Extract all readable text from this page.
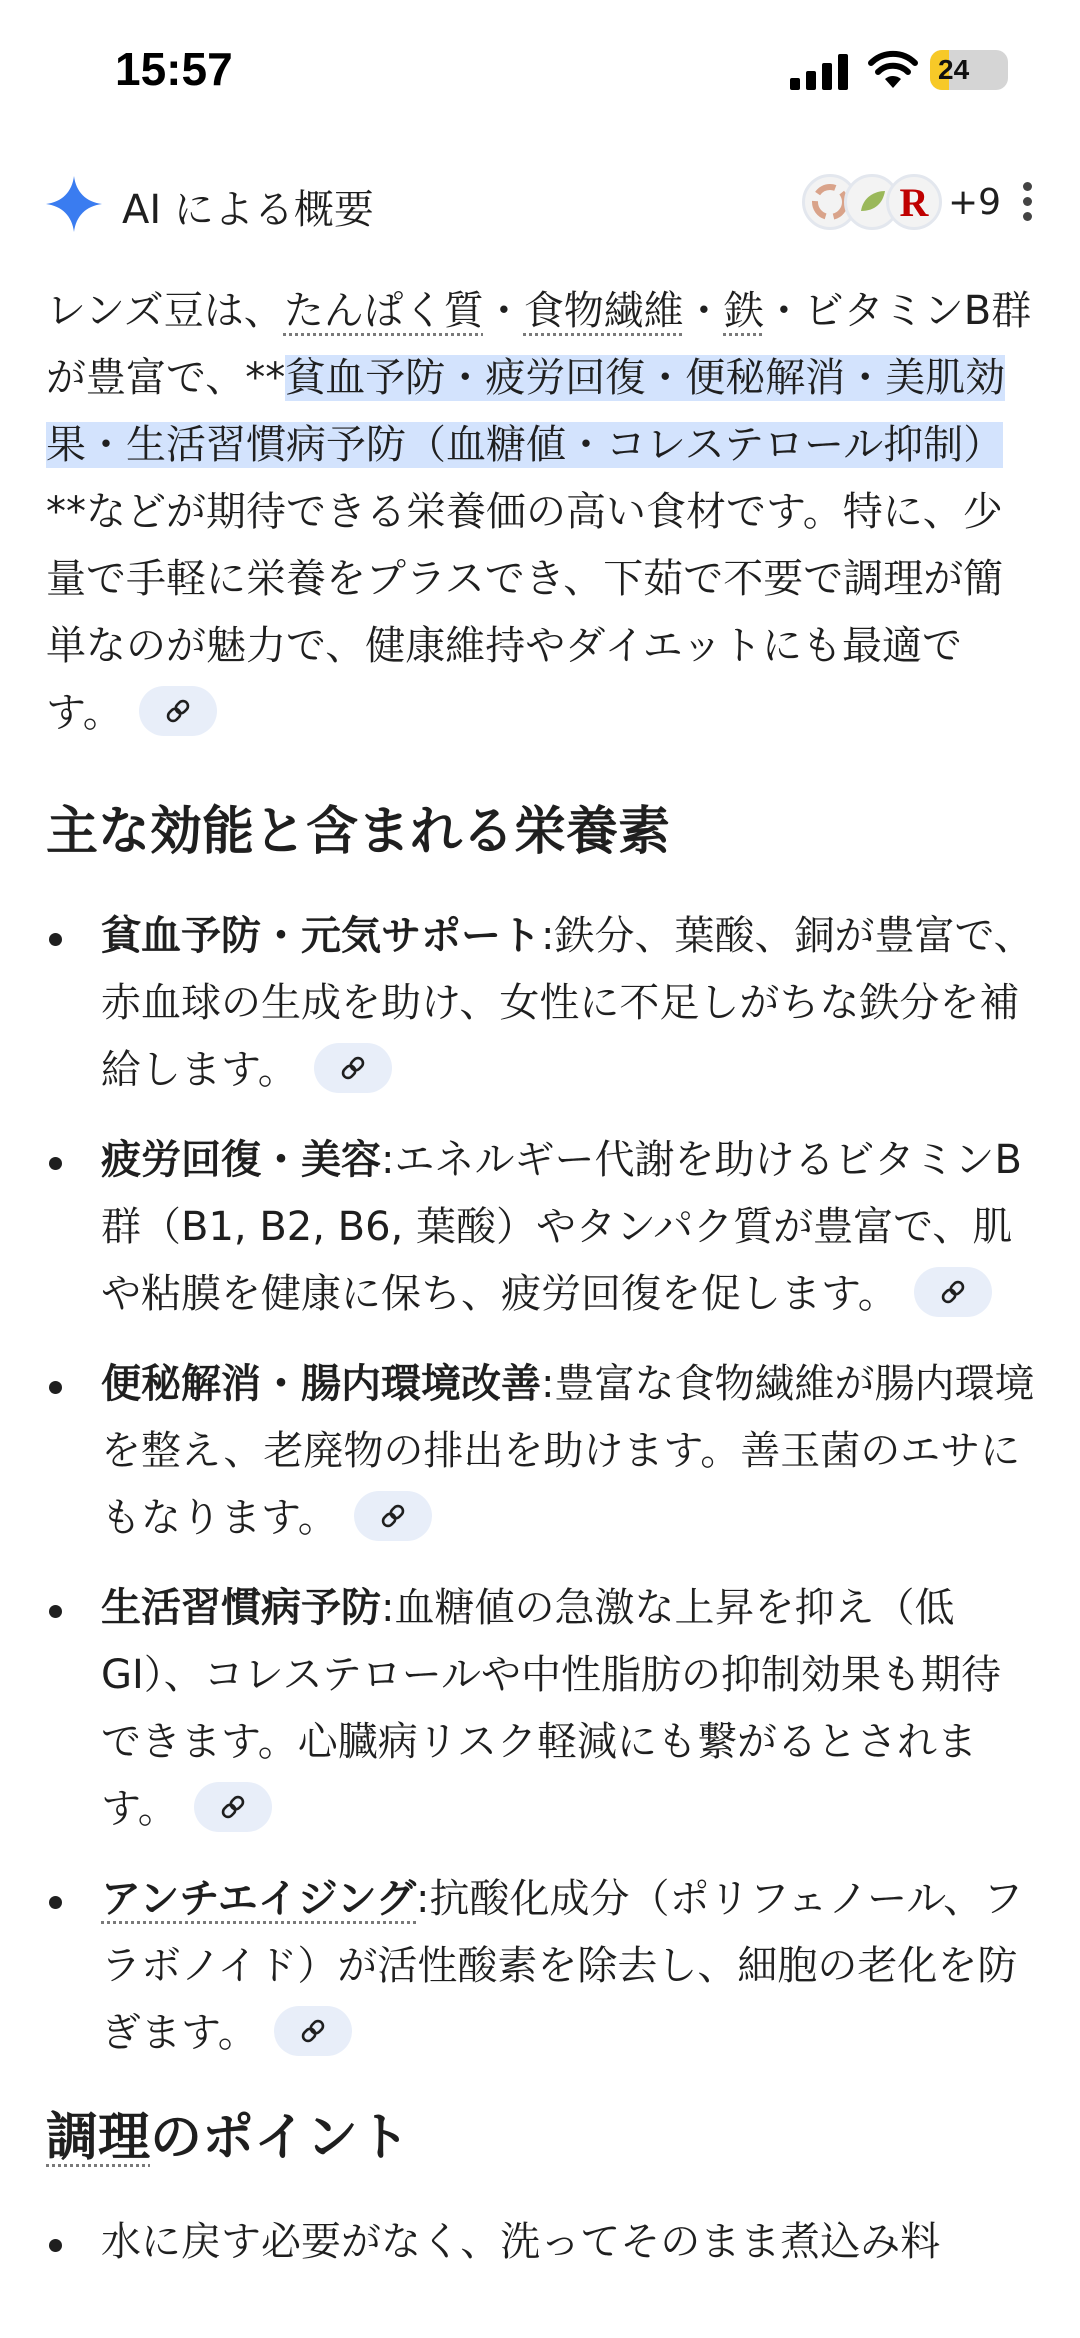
15:57	24
AI による概要	R +9
レンズ豆は、たんぱく質・食物繊維・鉄・ビタミンB群が豊富で、**貧血予防・疲労回復・便秘解消・美肌効果・生活習慣病予防（血糖値・コレステロール抑制）**などが期待できる栄養価の高い食材です。特に、少量で手軽に栄養をプラスでき、下茹で不要で調理が簡単なのが魅力で、健康維持やダイエットにも最適です。
主な効能と含まれる栄養素
貧血予防・元気サポート:鉄分、葉酸、銅が豊富で、赤血球の生成を助け、女性に不足しがちな鉄分を補給します。
疲労回復・美容:エネルギー代謝を助けるビタミンB群（B1, B2, B6, 葉酸）やタンパク質が豊富で、肌や粘膜を健康に保ち、疲労回復を促します。
便秘解消・腸内環境改善:豊富な食物繊維が腸内環境を整え、老廃物の排出を助けます。善玉菌のエサにもなります。
生活習慣病予防:血糖値の急激な上昇を抑え（低GI）、コレステロールや中性脂肪の抑制効果も期待できます。心臓病リスク軽減にも繋がるとされます。
アンチエイジング:抗酸化成分（ポリフェノール、フラボノイド）が活性酸素を除去し、細胞の老化を防ぎます。
調理のポイント
水に戻す必要がなく、洗ってそのまま煮込み料
